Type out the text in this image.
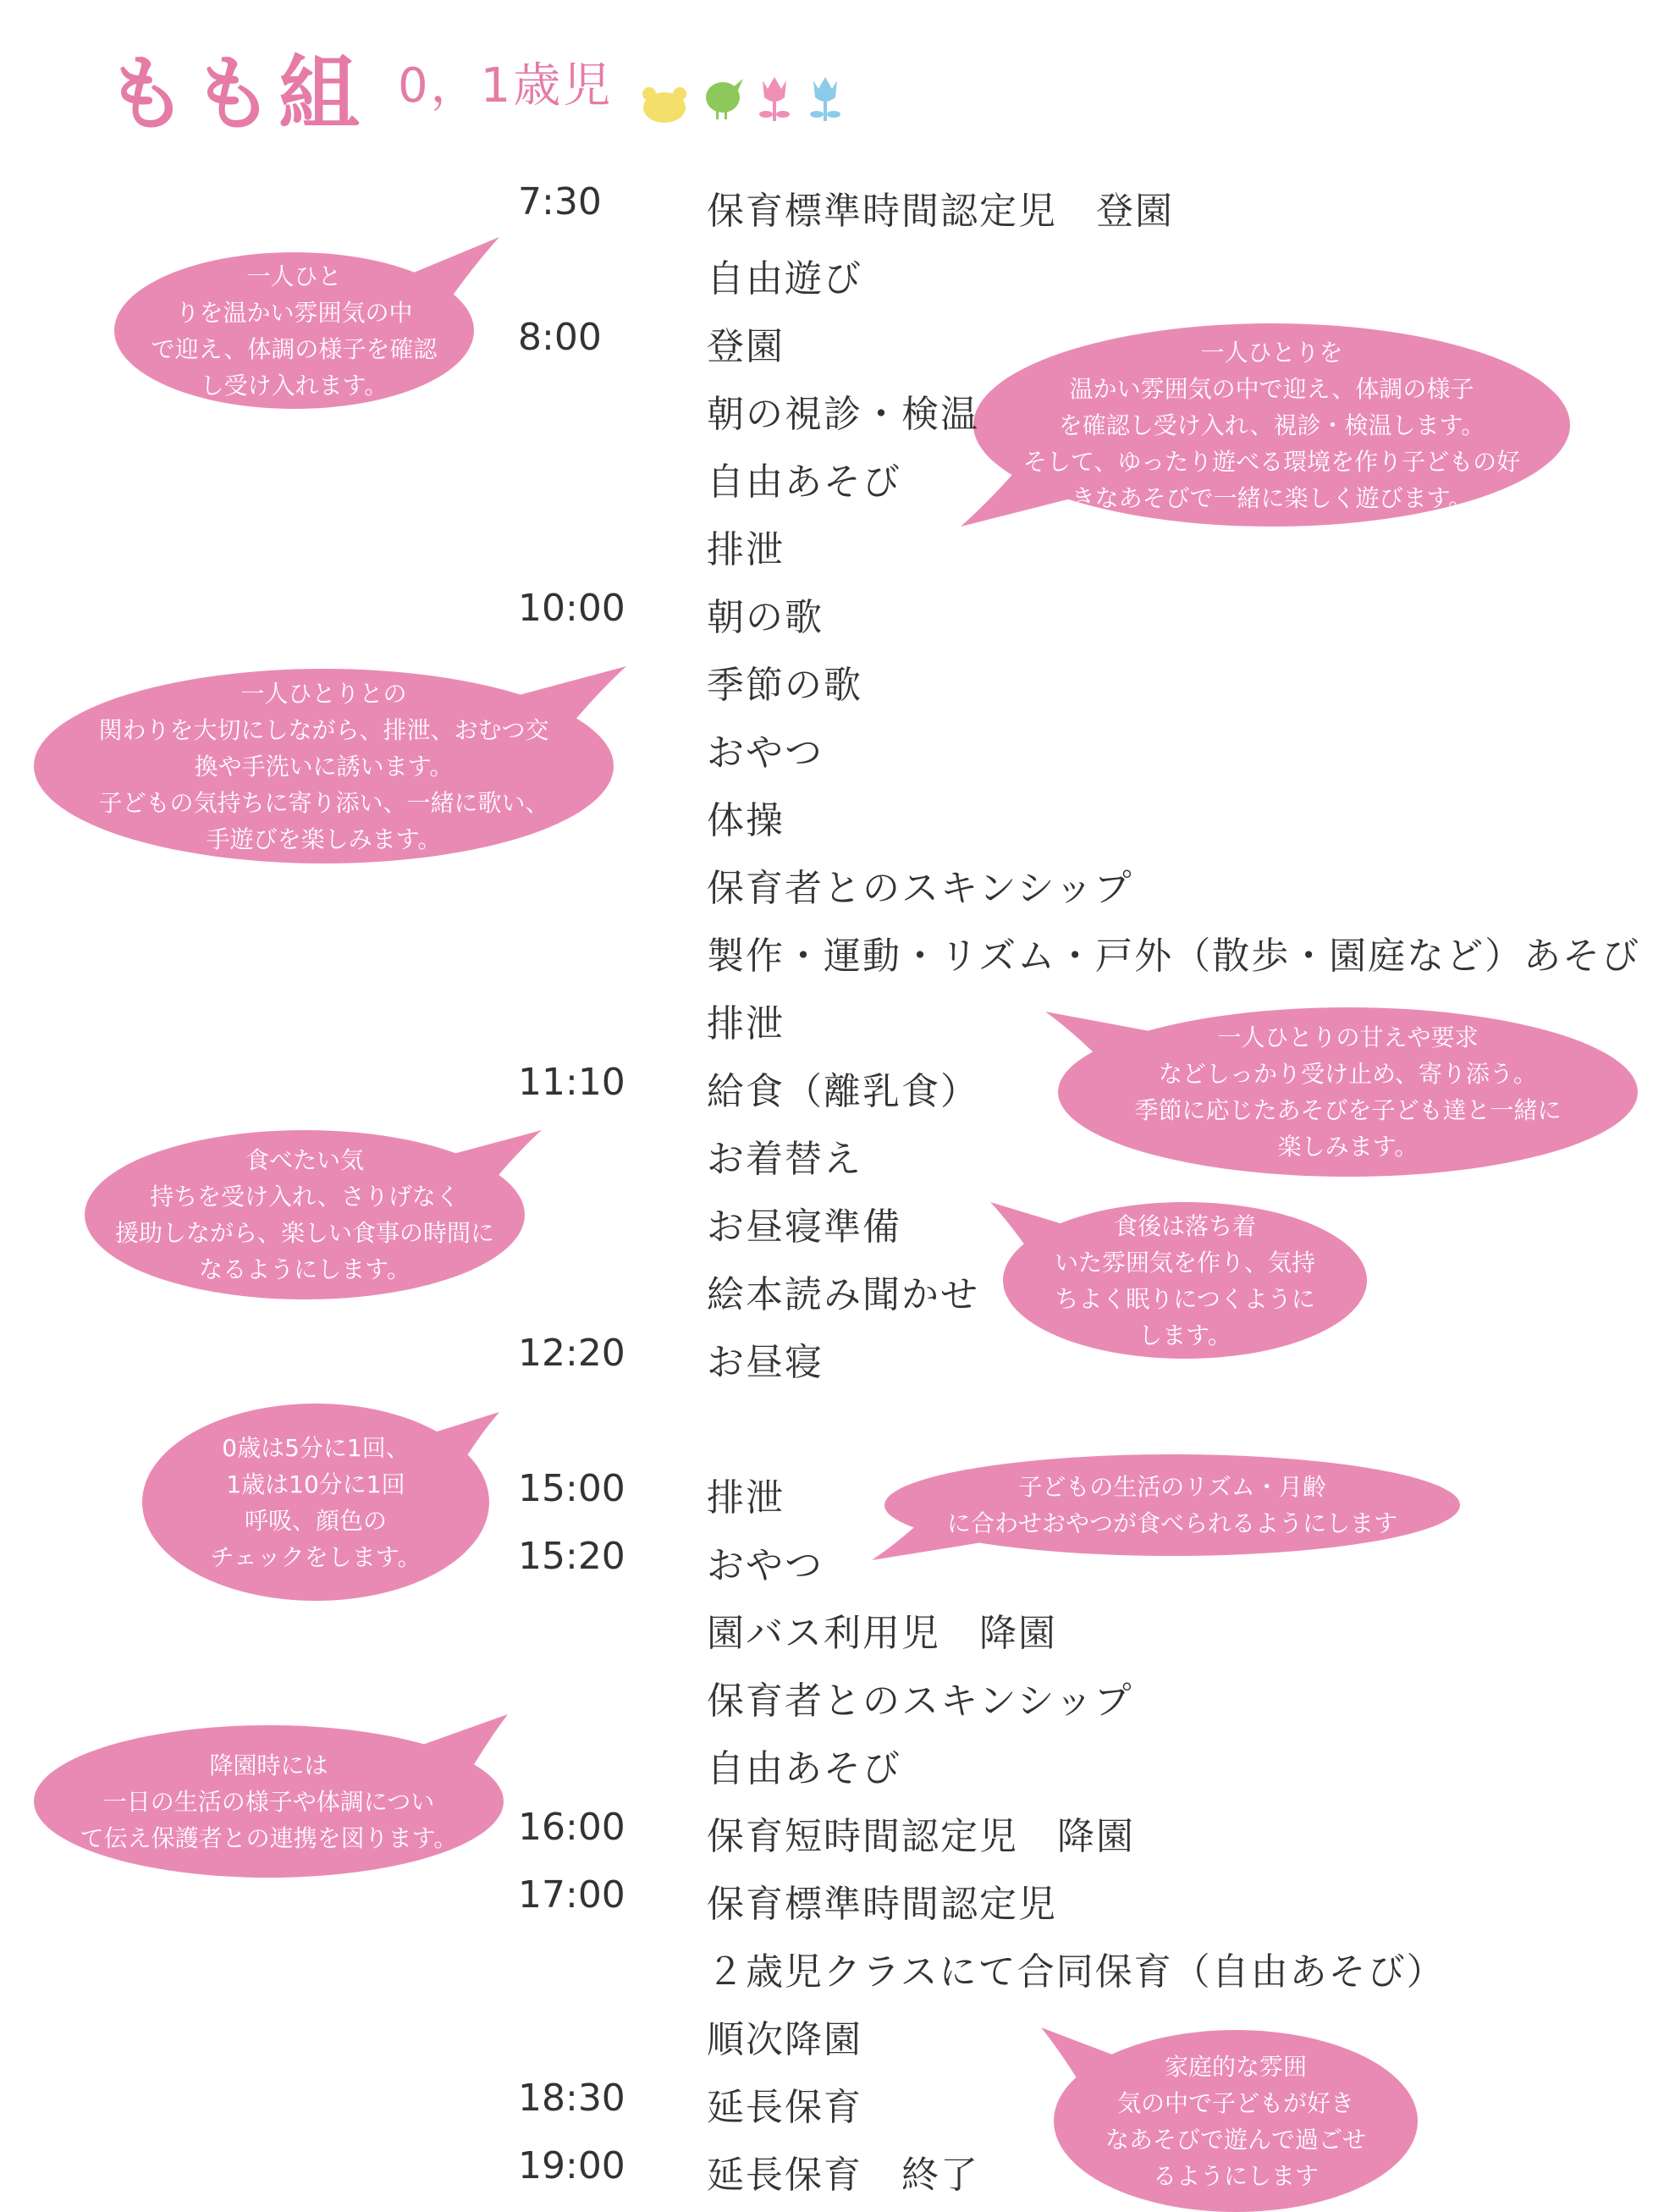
もも組 0，1歳児
一人ひと
りを温かい雰囲気の中
で迎え、体調の様子を確認
し受け入れます。
一人ひとりを
温かい雰囲気の中で迎え、体調の様子
を確認し受け入れ、視診・検温します。
そして、ゆったり遊べる環境を作り子どもの好
きなあそびで一緒に楽しく遊びます。
一人ひとりとの
関わりを大切にしながら、排泄、おむつ交
換や手洗いに誘います。
子どもの気持ちに寄り添い、一緒に歌い、
手遊びを楽しみます。
一人ひとりの甘えや要求
などしっかり受け止め、寄り添う。
季節に応じたあそびを子ども達と一緒に
楽しみます。
食べたい気
持ちを受け入れ、さりげなく
援助しながら、楽しい食事の時間に
なるようにします。
食後は落ち着
いた雰囲気を作り、気持
ちよく眠りにつくように
します。
0歳は5分に1回、
1歳は10分に1回
呼吸、顔色の
チェックをします。
子どもの生活のリズム・月齢
に合わせおやつが食べられるようにします
降園時には
一日の生活の様子や体調につい
て伝え保護者との連携を図ります。
家庭的な雰囲
気の中で子どもが好き
なあそびで遊んで過ごせ
るようにします
7:30	保育標準時間認定児　登園
自由遊び
8:00	登園
朝の視診・検温
自由あそび
排泄
10:00 朝の歌
季節の歌
おやつ
体操
保育者とのスキンシップ
製作・運動・リズム・戸外（散歩・園庭など）あそび
排泄
11:10 給食（離乳食）
お着替え
お昼寝準備
絵本読み聞かせ
12:20 お昼寝
15:00 排泄
15:20 おやつ
園バス利用児　降園
保育者とのスキンシップ
自由あそび
16:00 保育短時間認定児　降園
17:00 保育標準時間認定児
２歳児クラスにて合同保育（自由あそび）
順次降園
18:30 延長保育
19:00 延長保育　終了
